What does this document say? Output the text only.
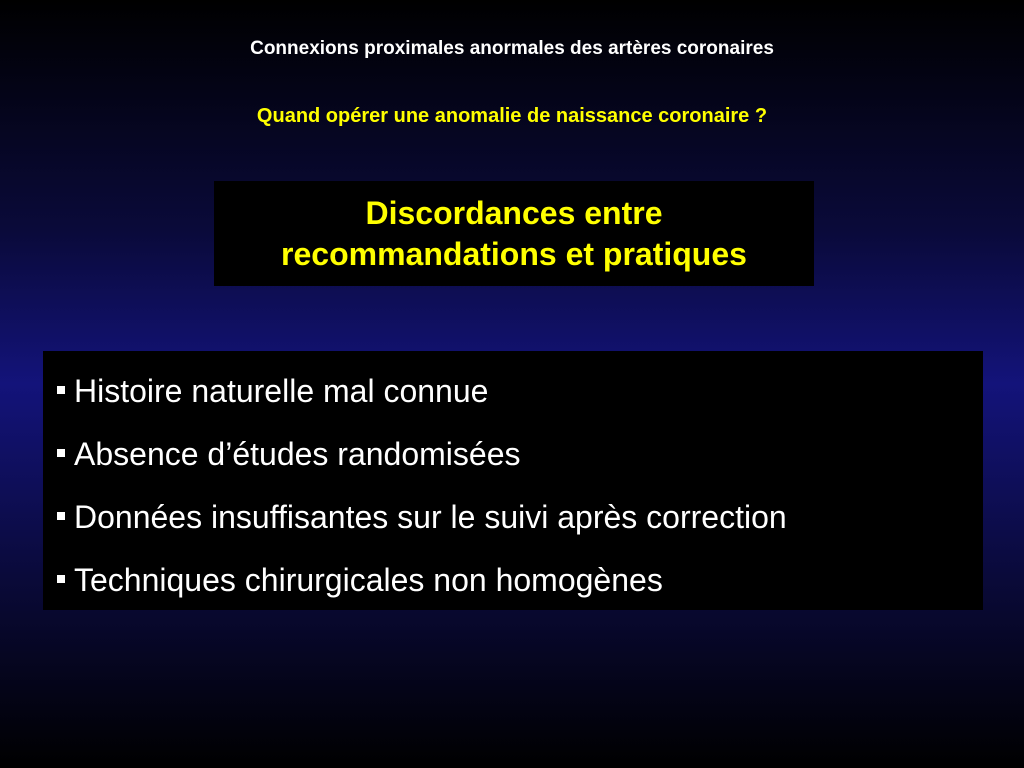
Connexions proximales anormales des artères coronaires
Quand opérer une anomalie de naissance coronaire ?
Discordances entre
recommandations et pratiques
Histoire naturelle mal connue
Absence d’études randomisées
Données insuffisantes sur le suivi après correction
Techniques chirurgicales non homogènes
